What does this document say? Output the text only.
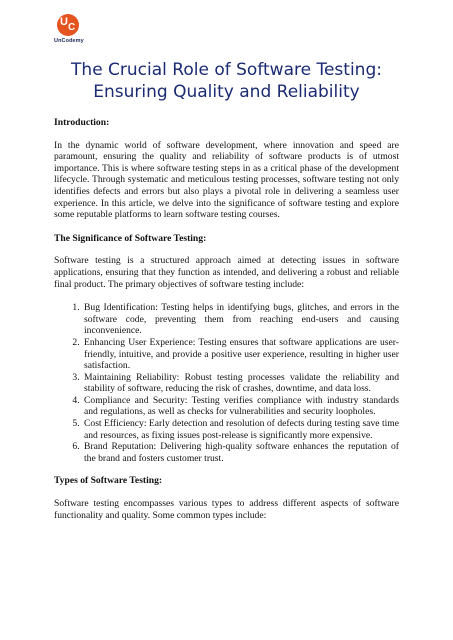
U C
UnCodemy
The Crucial Role of Software Testing:
Ensuring Quality and Reliability

Introduction:

In the dynamic world of software development, where innovation and speed are paramount, ensuring the quality and reliability of software products is of utmost importance. This is where software testing steps in as a critical phase of the development lifecycle. Through systematic and meticulous testing processes, software testing not only identifies defects and errors but also plays a pivotal role in delivering a seamless user experience. In this article, we delve into the significance of software testing and explore some reputable platforms to learn software testing courses.

The Significance of Software Testing:

Software testing is a structured approach aimed at detecting issues in software applications, ensuring that they function as intended, and delivering a robust and reliable final product. The primary objectives of software testing include:

1. Bug Identification: Testing helps in identifying bugs, glitches, and errors in the software code, preventing them from reaching end-users and causing inconvenience.
2. Enhancing User Experience: Testing ensures that software applications are user-friendly, intuitive, and provide a positive user experience, resulting in higher user satisfaction.
3. Maintaining Reliability: Robust testing processes validate the reliability and stability of software, reducing the risk of crashes, downtime, and data loss.
4. Compliance and Security: Testing verifies compliance with industry standards and regulations, as well as checks for vulnerabilities and security loopholes.
5. Cost Efficiency: Early detection and resolution of defects during testing save time and resources, as fixing issues post-release is significantly more expensive.
6. Brand Reputation: Delivering high-quality software enhances the reputation of the brand and fosters customer trust.

Types of Software Testing:

Software testing encompasses various types to address different aspects of software functionality and quality. Some common types include:
